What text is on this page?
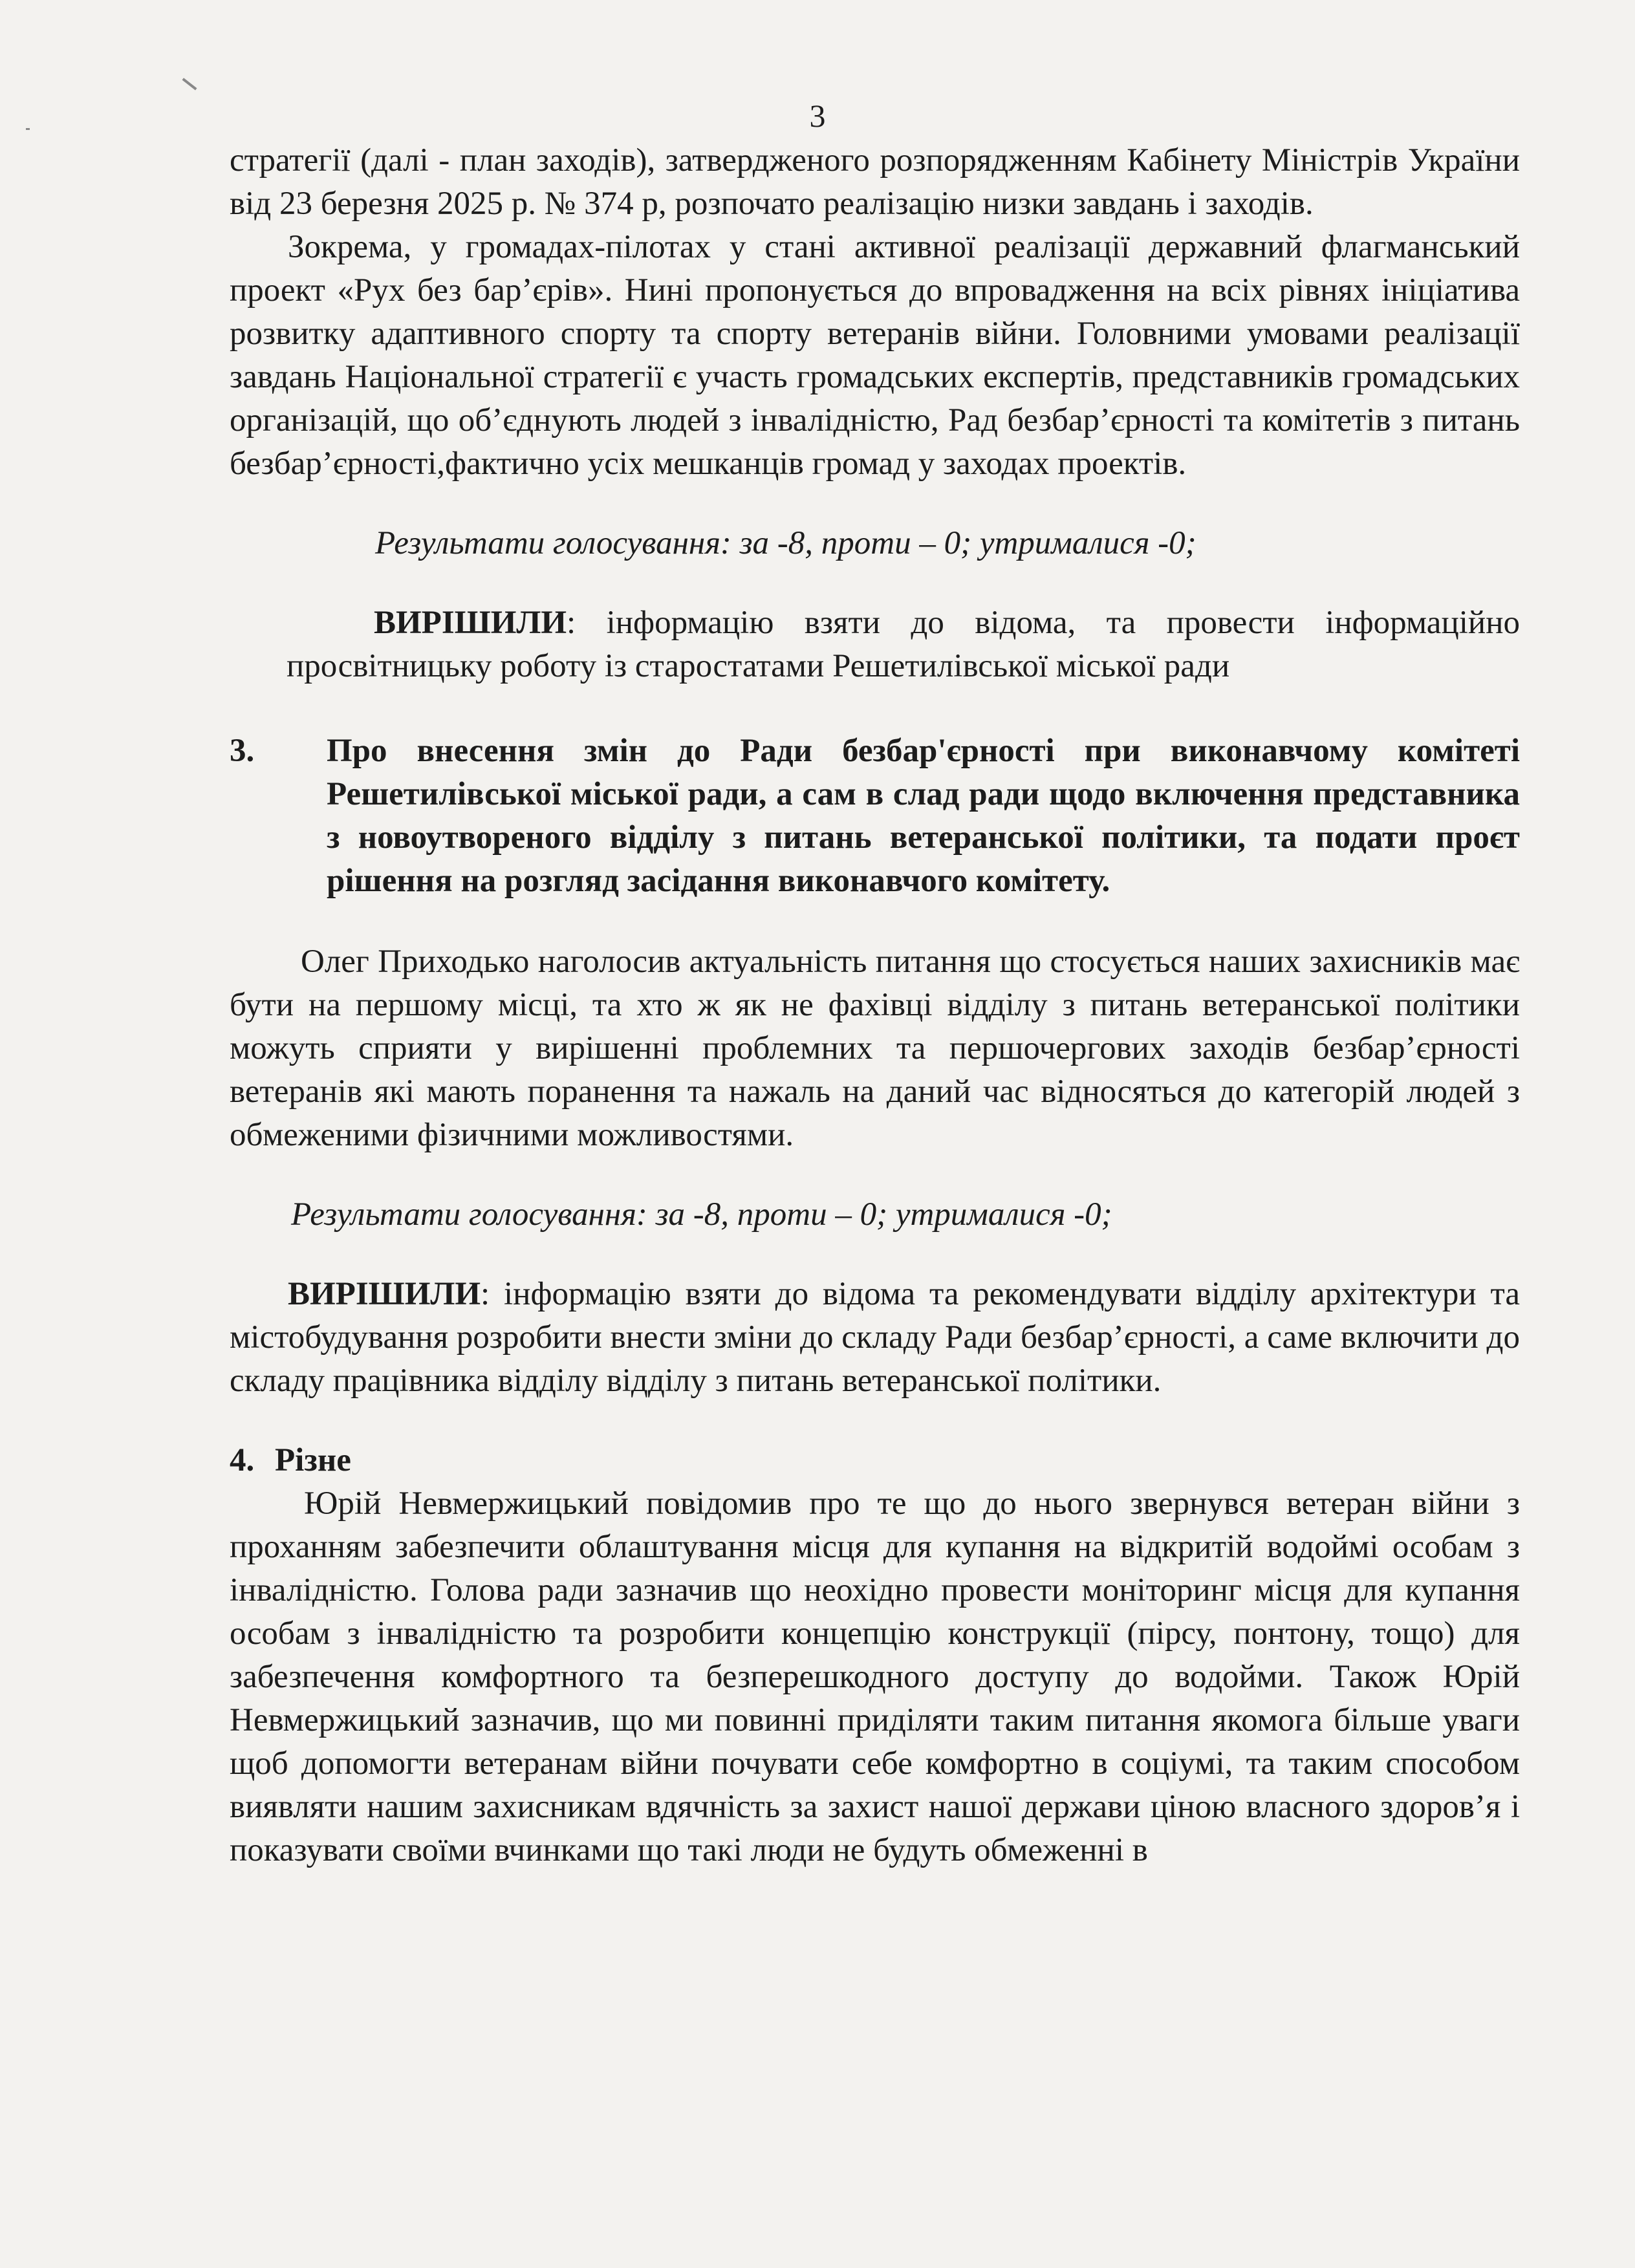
3

стратегії (далі - план заходів), затвердженого розпорядженням Кабінету Міністрів України від 23 березня 2025 р. № 374 р, розпочато реалізацію низки завдань і заходів.

Зокрема, у громадах-пілотах у стані активної реалізації державний флагманський проект «Рух без бар’єрів». Нині пропонується до впровадження на всіх рівнях ініціатива розвитку адаптивного спорту та спорту ветеранів війни. Головними умовами реалізації завдань Національної стратегії є участь громадських експертів, представників громадських організацій, що об’єднують людей з інвалідністю, Рад безбар’єрності та комітетів з питань безбар’єрності,фактично усіх мешканців громад у заходах проектів.

Результати голосування: за -8, проти – 0; утрималися -0;

ВИРІШИЛИ: інформацію взяти до відома, та провести інформаційно просвітницьку роботу із старостатами Решетилівської міської ради

3.	Про внесення змін до Ради безбар'єрності при виконавчому комітеті Решетилівської міської ради, а сам в слад ради щодо включення представника з новоутвореного відділу з питань ветеранської політики, та подати проєт рішення на розгляд засідання виконавчого комітету.

Олег Приходько наголосив актуальність питання що стосується наших захисників має бути на першому місці, та хто ж як не фахівці відділу з питань ветеранської політики можуть сприяти у вирішенні проблемних та першочергових заходів безбар’єрності ветеранів які мають поранення та нажаль на даний час відносяться до категорій людей з обмеженими фізичними можливостями.

Результати голосування: за -8, проти – 0; утрималися -0;

ВИРІШИЛИ: інформацію взяти до відома та рекомендувати відділу архітектури та містобудування розробити внести зміни до складу Ради безбар’єрності, а саме включити до складу працівника відділу відділу з питань ветеранської політики.

4. Різне

Юрій Невмержицький повідомив про те що до нього звернувся ветеран війни з проханням забезпечити облаштування місця для купання на відкритій водоймі особам з інвалідністю. Голова ради зазначив що неохідно провести моніторинг місця для купання особам з інвалідністю та розробити концепцію конструкції (пірсу, понтону, тощо) для забезпечення комфортного та безперешкодного доступу до водойми. Також Юрій Невмержицький зазначив, що ми повинні приділяти таким питання якомога більше уваги щоб допомогти ветеранам війни почувати себе комфортно в соціумі, та таким способом виявляти нашим захисникам вдячність за захист нашої держави ціною власного здоров’я і показувати своїми вчинками що такі люди не будуть обмеженні в
